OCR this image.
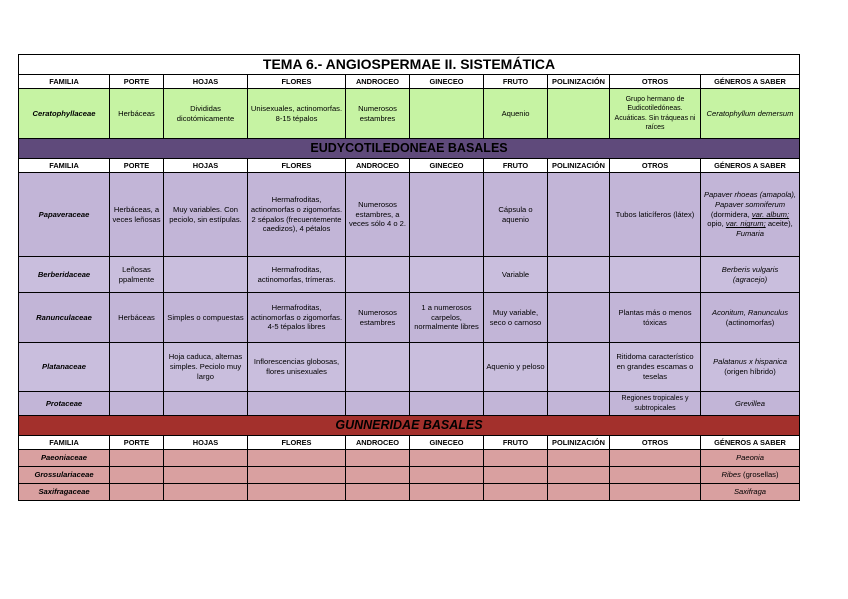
TEMA 6.- ANGIOSPERMAE II. SISTEMÁTICA									
FAMILIA	PORTE	HOJAS	FLORES	ANDROCEO	GINECEO	FRUTO	POLINIZACIÓN	OTROS	GÉNEROS A SABER
Ceratophyllaceae	Herbáceas	Divididas dicotómicamente	Unisexuales, actinomorfas. 8-15 tépalos	Numerosos estambres		Aquenio		Grupo hermano de Eudicotiledóneas. Acuáticas. Sin tráqueas ni raíces	Ceratophyllum demersum
EUDYCOTILEDONEAE BASALES									
FAMILIA	PORTE	HOJAS	FLORES	ANDROCEO	GINECEO	FRUTO	POLINIZACIÓN	OTROS	GÉNEROS A SABER
Papaveraceae	Herbáceas, a veces leñosas	Muy variables. Con peciolo, sin estípulas.	Hermafroditas, actinomorfas o zigomorfas. 2 sépalos (frecuentemente caedizos), 4 pétalos	Numerosos estambres, a veces sólo 4 o 2.		Cápsula o aquenio		Tubos laticíferos (látex)	Papaver rhoeas (amapola), Papaver somniferum (dormidera, var. album; opio, var. nigrum; aceite), Fumaria
Berberidaceae	Leñosas ppalmente		Hermafroditas, actinomorfas, trímeras.			Variable			Berberis vulgaris
(agracejo)
Ranunculaceae	Herbáceas	Simples o compuestas	Hermafroditas, actinomorfas o zigomorfas. 4-5 tépalos libres	Numerosos estambres	1 a numerosos carpelos, normalmente libres	Muy variable, seco o carnoso		Plantas más o menos tóxicas	Aconitum, Ranunculus
(actinomorfas)
Platanaceae		Hoja caduca, alternas simples. Peciolo muy largo	Inflorescencias globosas, flores unisexuales			Aquenio y peloso		Ritidoma característico en grandes escamas o teselas	Palatanus x hispanica
(origen híbrido)
Protaceae								Regiones tropicales y subtropicales	Grevillea
GUNNERIDAE BASALES									
FAMILIA	PORTE	HOJAS	FLORES	ANDROCEO	GINECEO	FRUTO	POLINIZACIÓN	OTROS	GÉNEROS A SABER
Paeoniaceae									Paeonia
Grossulariaceae									Ribes (grosellas)
Saxifragaceae									Saxifraga
